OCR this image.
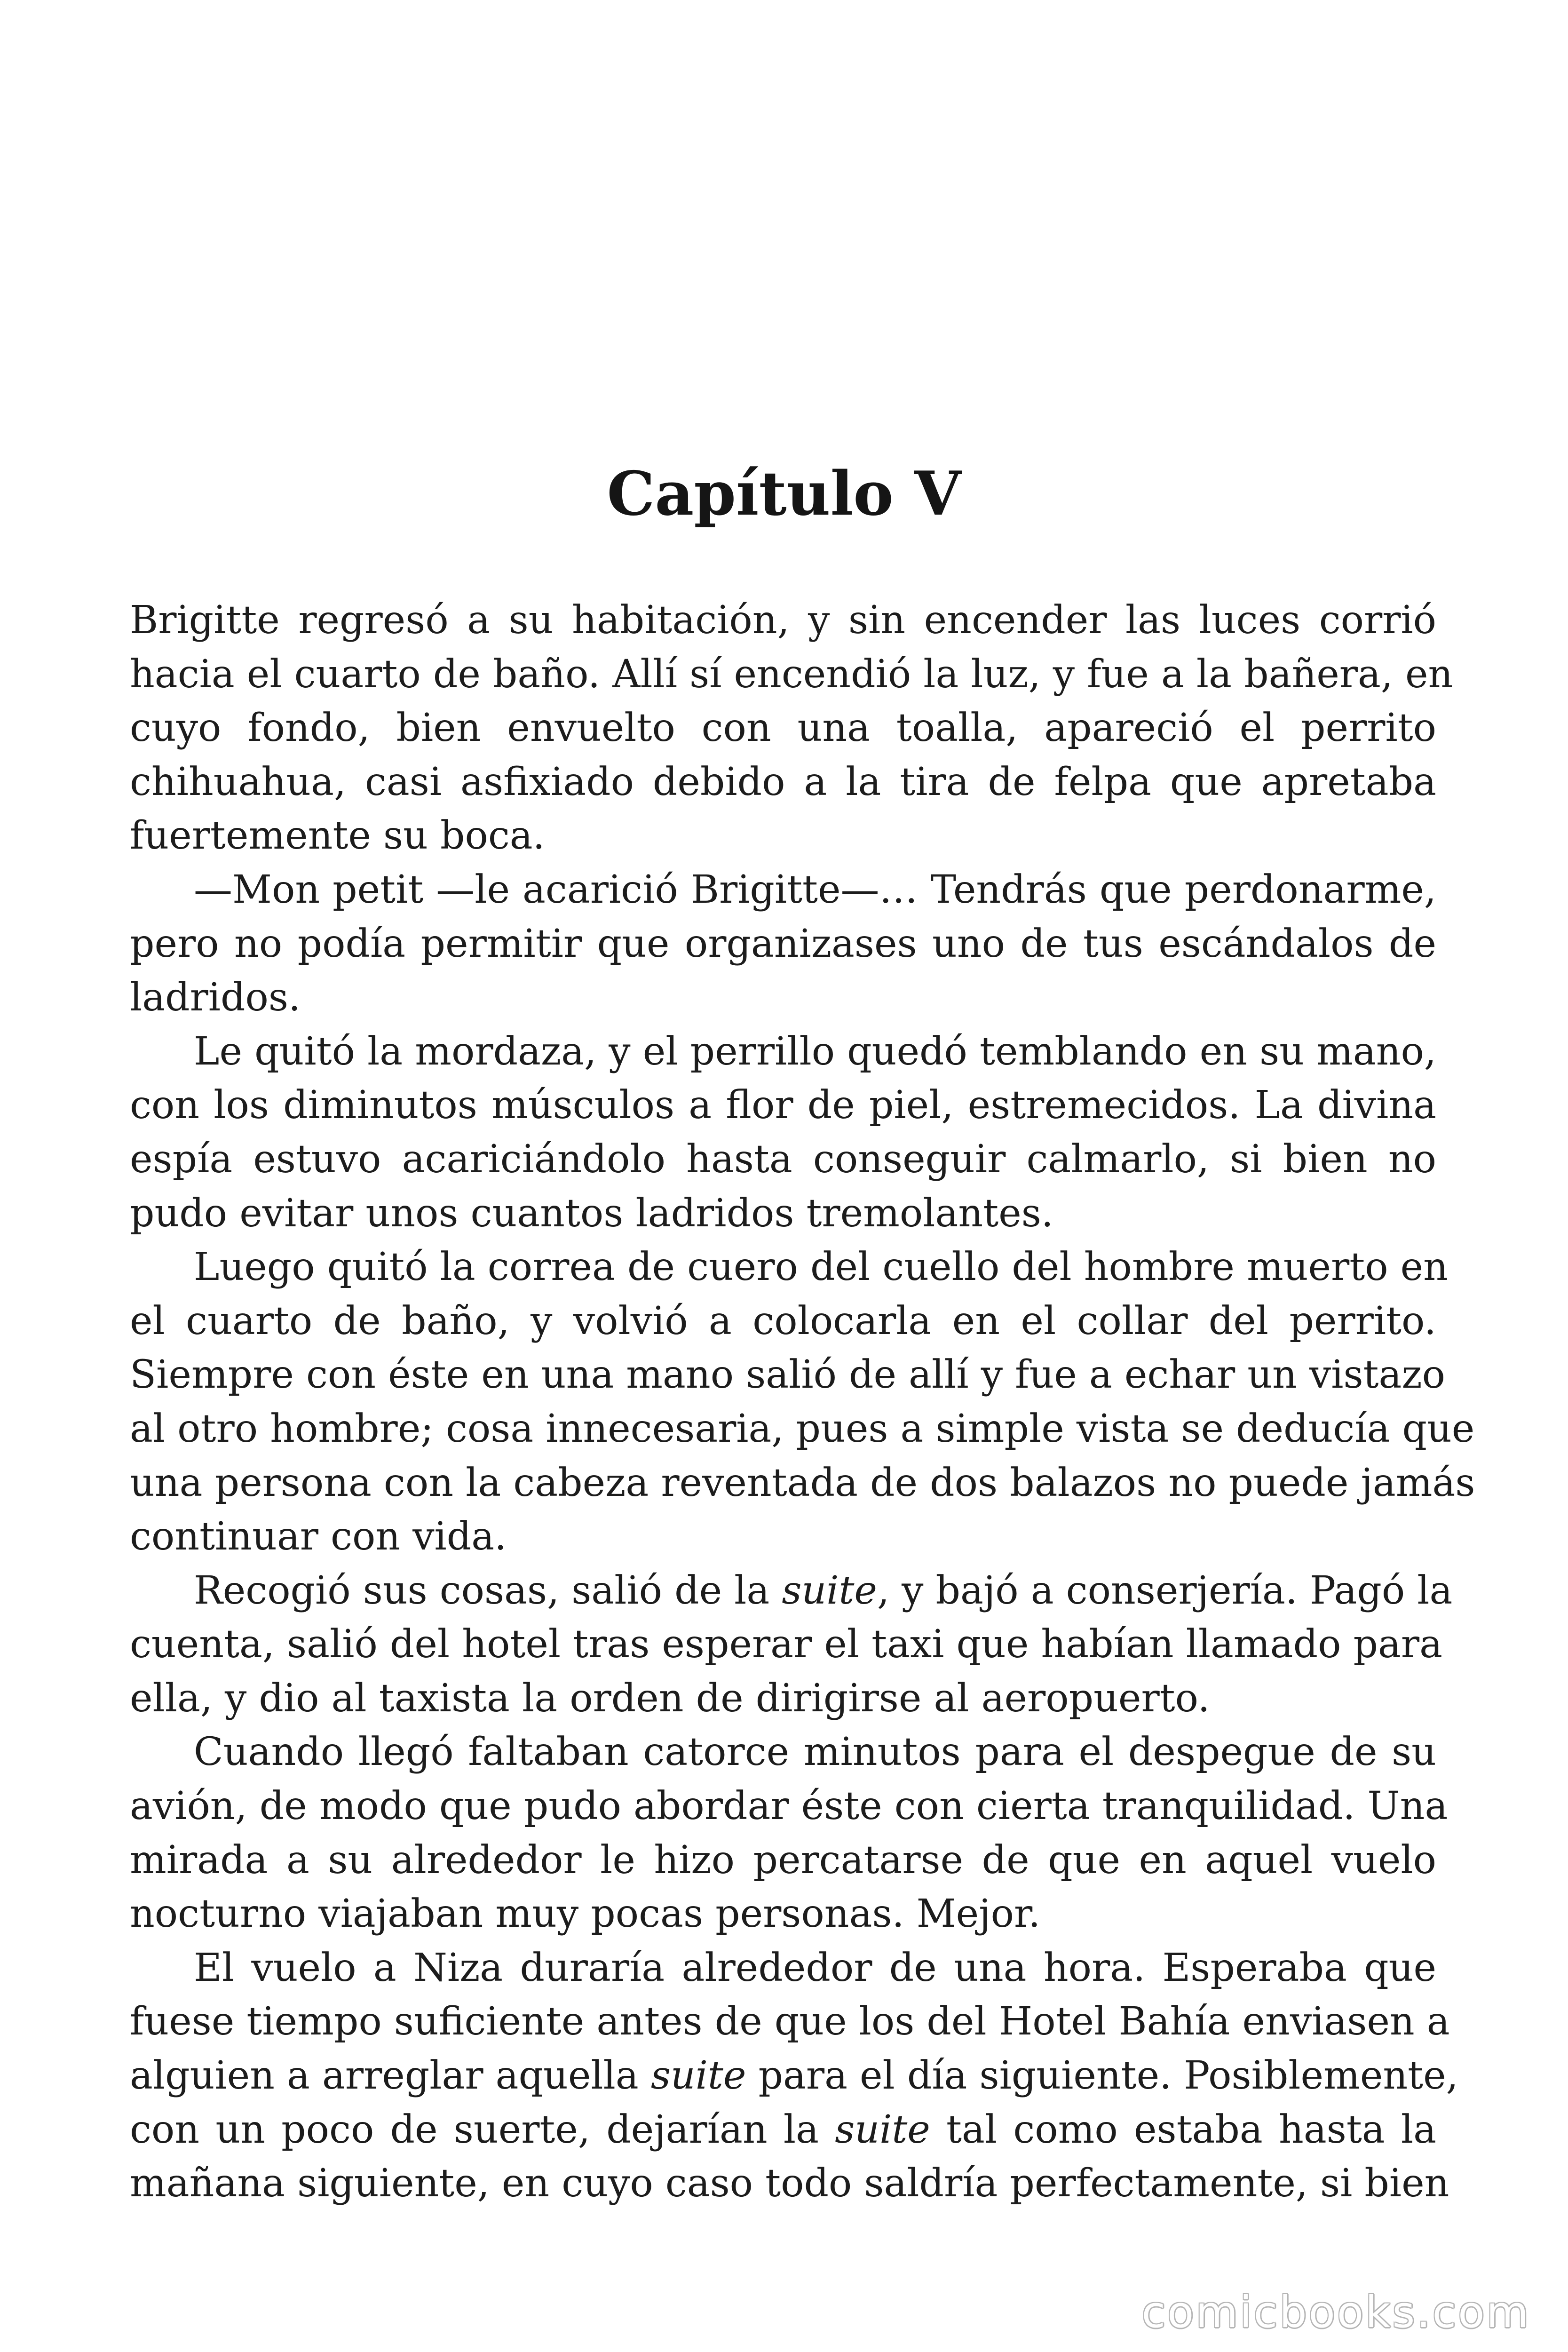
Capítulo V
Brigitte regresó a su habitación, y sin encender las luces corrió
hacia el cuarto de baño. Allí sí encendió la luz, y fue a la bañera, en
cuyo fondo, bien envuelto con una toalla, apareció el perrito
chihuahua, casi asfixiado debido a la tira de felpa que apretaba
fuertemente su boca.
—Mon petit —le acarició Brigitte—… Tendrás que perdonarme,
pero no podía permitir que organizases uno de tus escándalos de
ladridos.
Le quitó la mordaza, y el perrillo quedó temblando en su mano,
con los diminutos músculos a flor de piel, estremecidos. La divina
espía estuvo acariciándolo hasta conseguir calmarlo, si bien no
pudo evitar unos cuantos ladridos tremolantes.
Luego quitó la correa de cuero del cuello del hombre muerto en
el cuarto de baño, y volvió a colocarla en el collar del perrito.
Siempre con éste en una mano salió de allí y fue a echar un vistazo
al otro hombre; cosa innecesaria, pues a simple vista se deducía que
una persona con la cabeza reventada de dos balazos no puede jamás
continuar con vida.
Recogió sus cosas, salió de la suite, y bajó a conserjería. Pagó la
cuenta, salió del hotel tras esperar el taxi que habían llamado para
ella, y dio al taxista la orden de dirigirse al aeropuerto.
Cuando llegó faltaban catorce minutos para el despegue de su
avión, de modo que pudo abordar éste con cierta tranquilidad. Una
mirada a su alrededor le hizo percatarse de que en aquel vuelo
nocturno viajaban muy pocas personas. Mejor.
El vuelo a Niza duraría alrededor de una hora. Esperaba que
fuese tiempo suficiente antes de que los del Hotel Bahía enviasen a
alguien a arreglar aquella suite para el día siguiente. Posiblemente,
con un poco de suerte, dejarían la suite tal como estaba hasta la
mañana siguiente, en cuyo caso todo saldría perfectamente, si bien
comicbooks.com
